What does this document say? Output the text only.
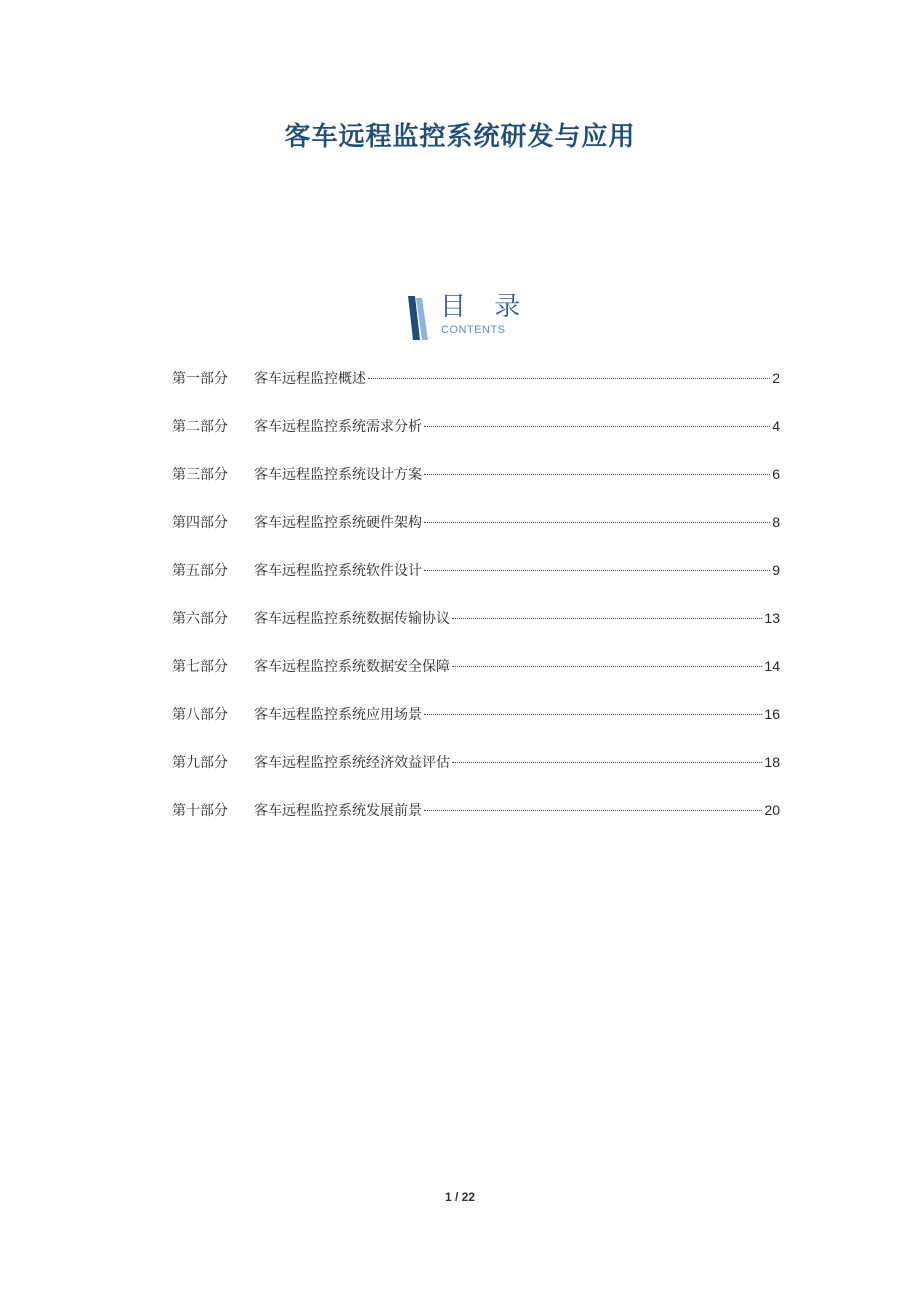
客车远程监控系统研发与应用
目 录
CONTENTS
第一部分	客车远程监控概述	2
第二部分	客车远程监控系统需求分析	4
第三部分	客车远程监控系统设计方案	6
第四部分	客车远程监控系统硬件架构	8
第五部分	客车远程监控系统软件设计	9
第六部分	客车远程监控系统数据传输协议	13
第七部分	客车远程监控系统数据安全保障	14
第八部分	客车远程监控系统应用场景	16
第九部分	客车远程监控系统经济效益评估	18
第十部分	客车远程监控系统发展前景	20
1 / 22
